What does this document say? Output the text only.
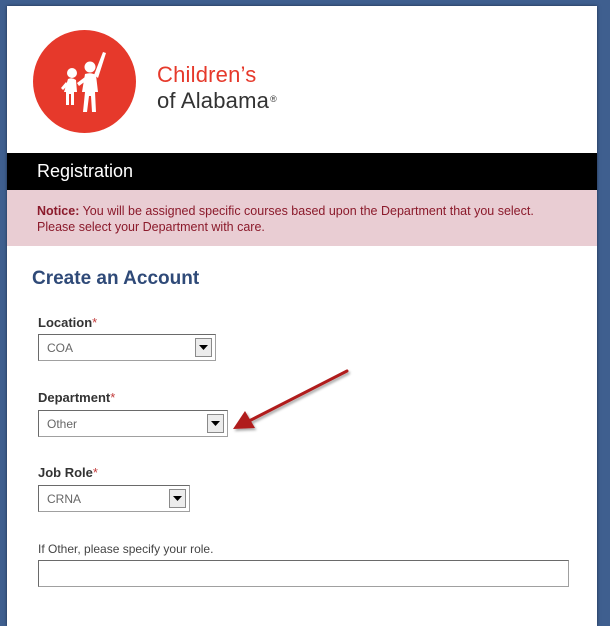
Children’s
of Alabama®
Registration
Notice: You will be assigned specific courses based upon the Department that you select.
Please select your Department with care.
Create an Account
Location*
COA
Department*
Other
Job Role*
CRNA
If Other, please specify your role.
